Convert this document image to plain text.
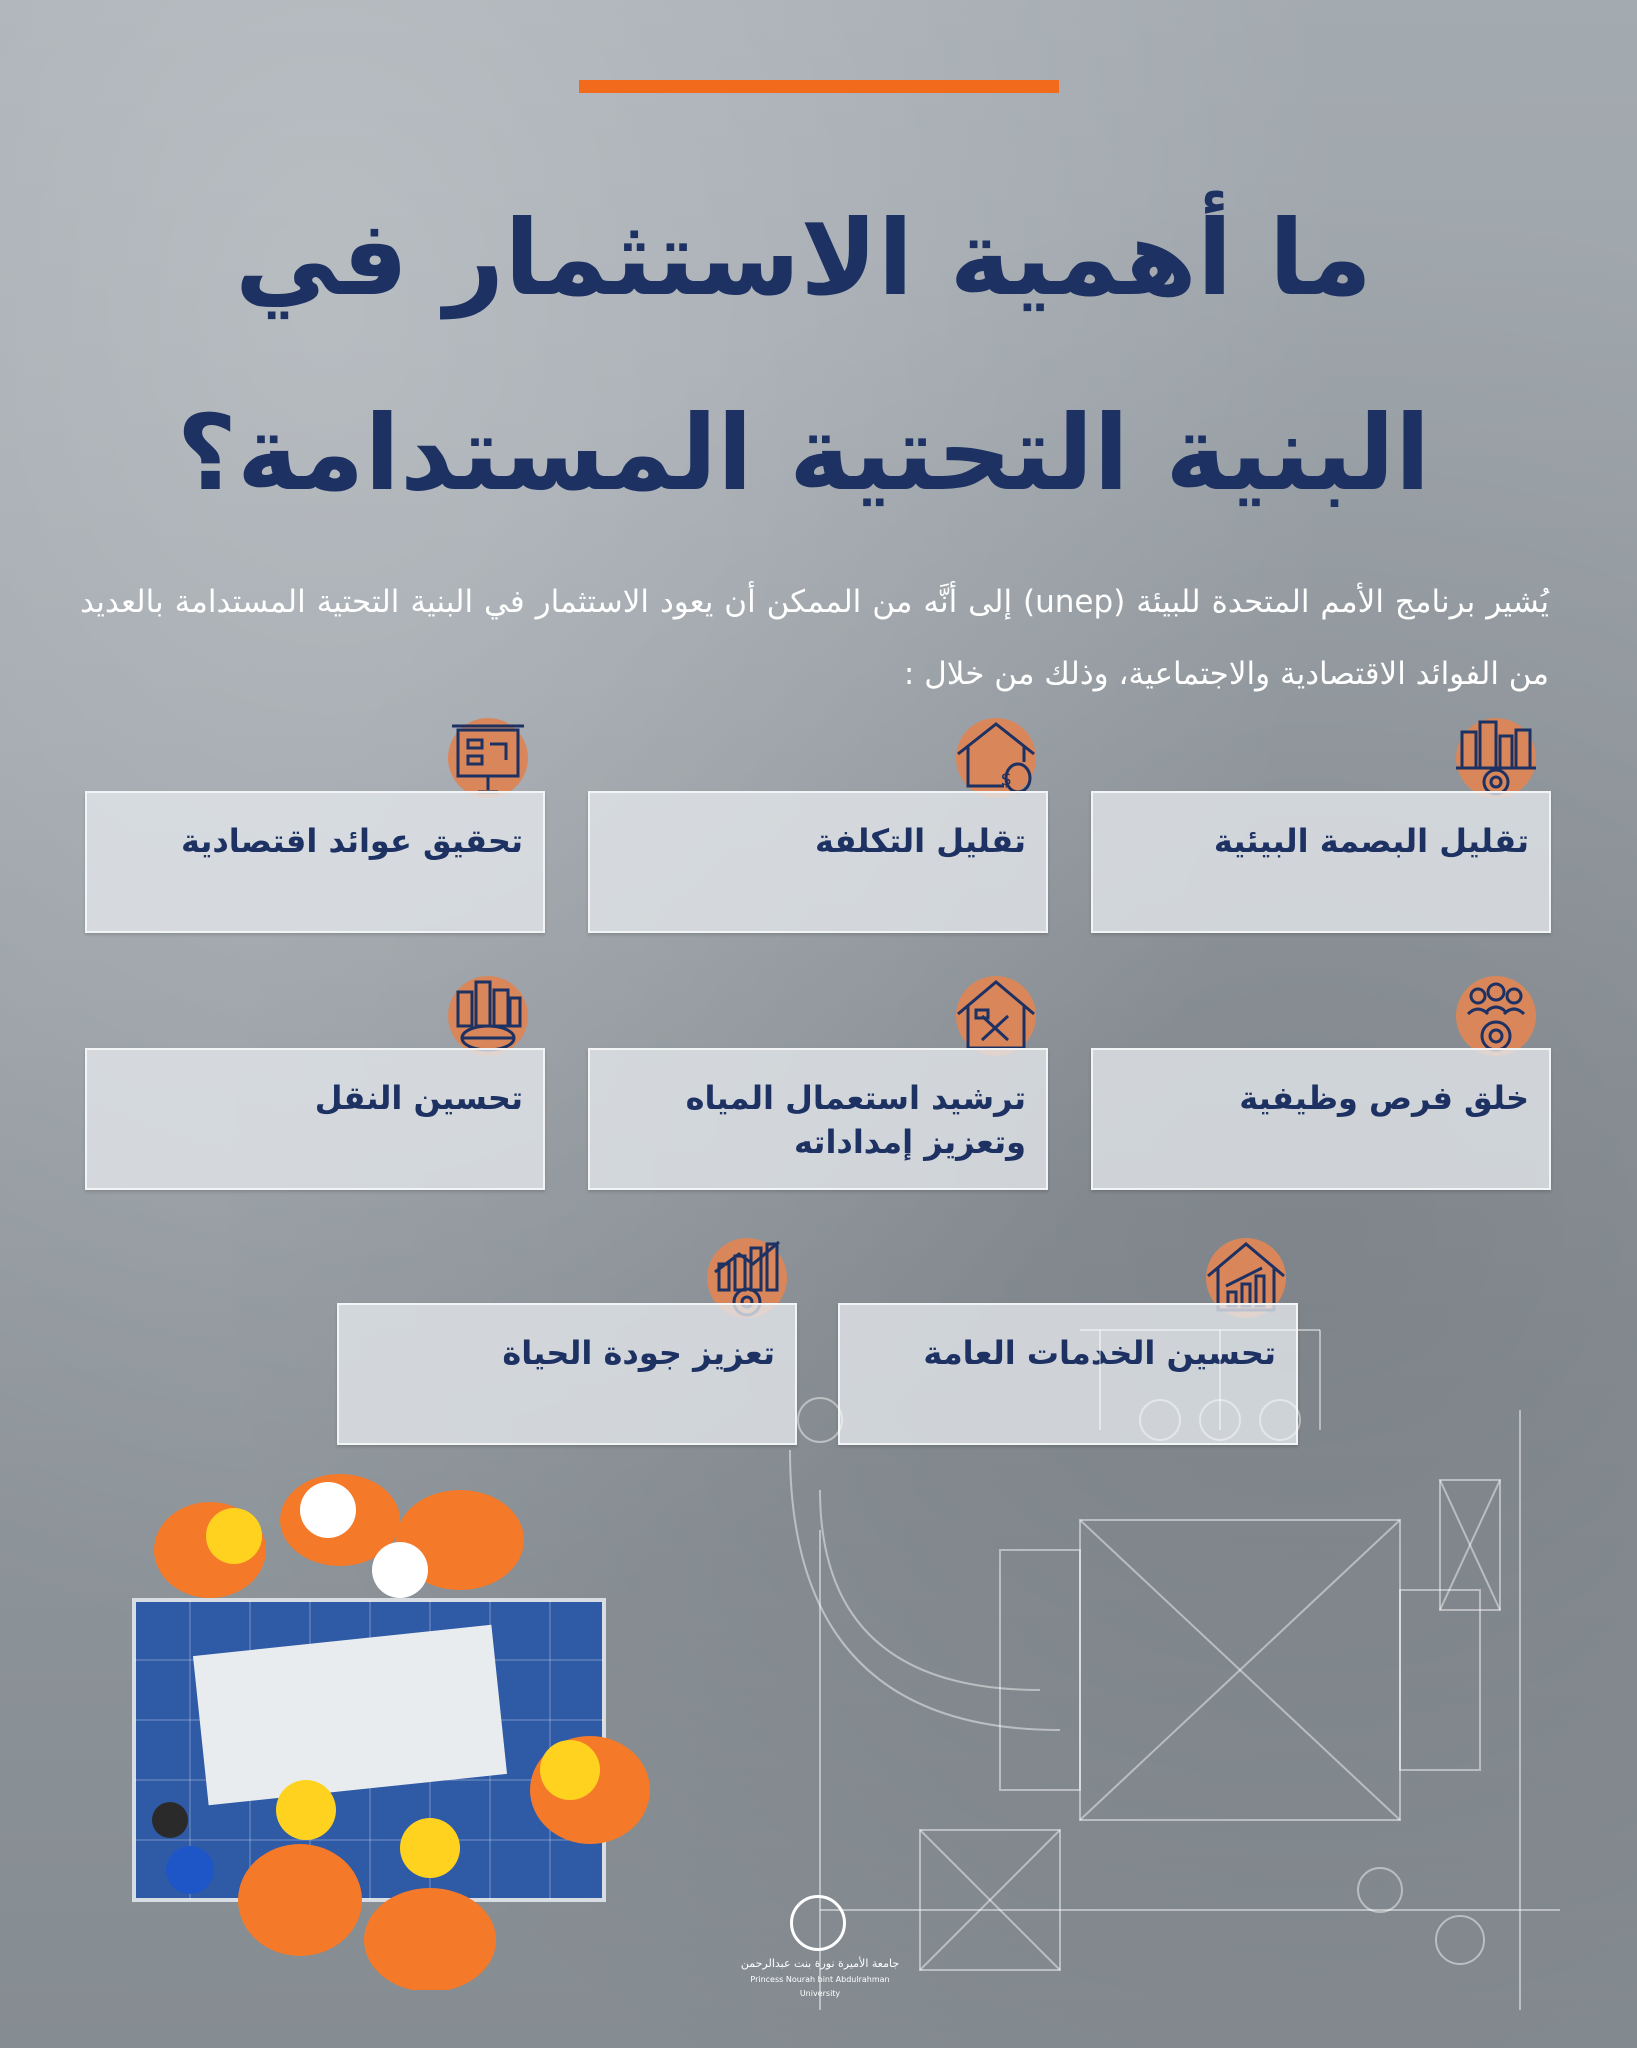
ما أهمية الاستثمار في
البنية التحتية المستدامة؟
يُشير برنامج الأمم المتحدة للبيئة (unep) إلى أنَّه من الممكن أن يعود الاستثمار في البنية التحتية المستدامة بالعديد من الفوائد الاقتصادية والاجتماعية، وذلك من خلال :
تقليل البصمة البيئية
$
تقليل التكلفة
تحقيق عوائد اقتصادية
خلق فرص وظيفية
ترشيد استعمال المياه وتعزيز إمداداته
تحسين النقل
تحسين الخدمات العامة
تعزيز جودة الحياة
جامعة الأميرة نورة بنت عبدالرحمن
Princess Nourah bint Abdulrahman University
